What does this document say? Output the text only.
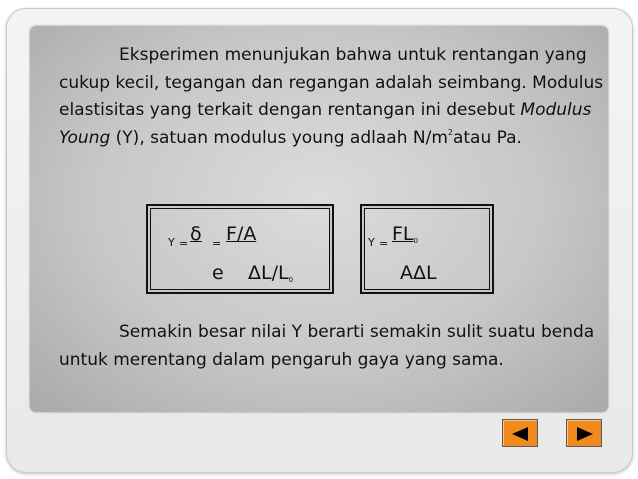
Eksperimen menunjukan bahwa untuk rentangan yang cukup kecil, tegangan dan regangan adalah seimbang. Modulus elastisitas yang terkait dengan rentangan ini desebut Modulus Young (Y), satuan modulus young adlaah $N/m^2atau$ Pa.

Y = δ = F/A
e $\Delta L/L_0$
$Y = FL_0$
AΔL

Semakin besar nilai Y berarti semakin sulit suatu benda untuk merentang dalam pengaruh gaya yang sama.
